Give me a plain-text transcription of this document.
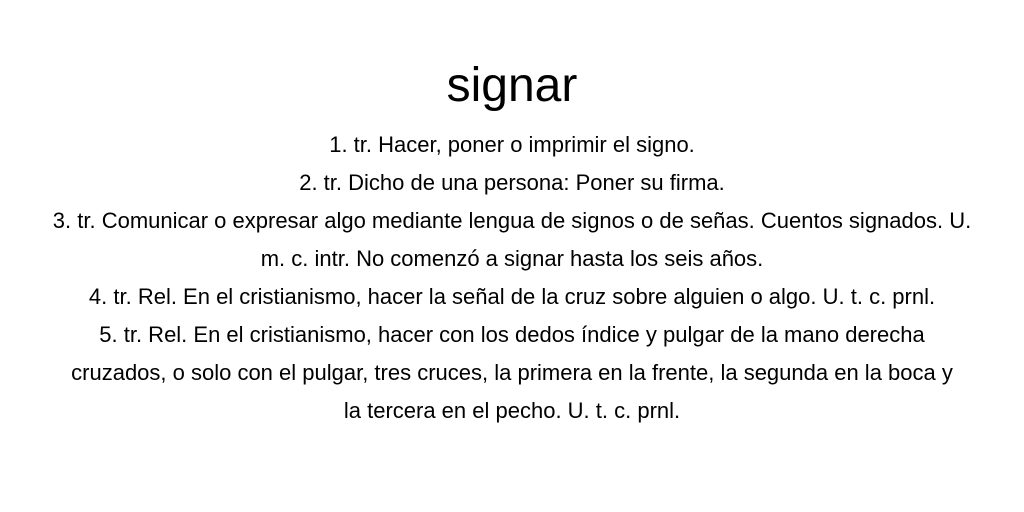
signar

1. tr. Hacer, poner o imprimir el signo.

2. tr. Dicho de una persona: Poner su firma.

3. tr. Comunicar o expresar algo mediante lengua de signos o de señas. Cuentos signados. U. m. c. intr. No comenzó a signar hasta los seis años.

4. tr. Rel. En el cristianismo, hacer la señal de la cruz sobre alguien o algo. U. t. c. prnl.

5. tr. Rel. En el cristianismo, hacer con los dedos índice y pulgar de la mano derecha cruzados, o solo con el pulgar, tres cruces, la primera en la frente, la segunda en la boca y la tercera en el pecho. U. t. c. prnl.
